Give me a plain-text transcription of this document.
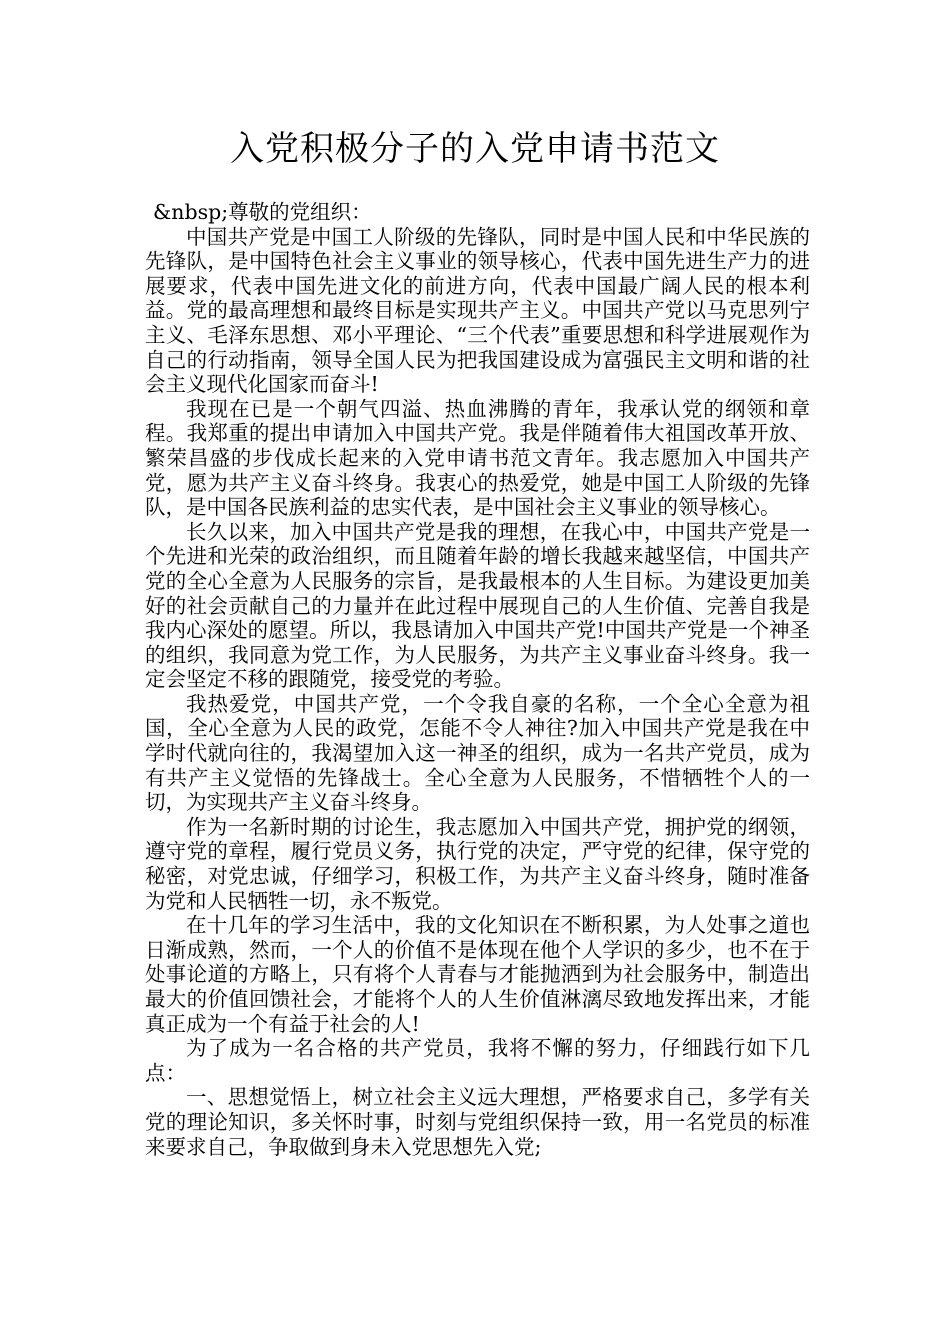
入党积极分子的入党申请书范文

&nbsp;尊敬的党组织：

中国共产党是中国工人阶级的先锋队，同时是中国人民和中华民族的先锋队，是中国特色社会主义事业的领导核心，代表中国先进生产力的进展要求，代表中国先进文化的前进方向，代表中国最广阔人民的根本利益。党的最高理想和最终目标是实现共产主义。中国共产党以马克思列宁主义、毛泽东思想、邓小平理论、“三个代表”重要思想和科学进展观作为自己的行动指南，领导全国人民为把我国建设成为富强民主文明和谐的社会主义现代化国家而奋斗!

我现在已是一个朝气四溢、热血沸腾的青年，我承认党的纲领和章程。我郑重的提出申请加入中国共产党。我是伴随着伟大祖国改革开放、繁荣昌盛的步伐成长起来的入党申请书范文青年。我志愿加入中国共产党，愿为共产主义奋斗终身。我衷心的热爱党，她是中国工人阶级的先锋队，是中国各民族利益的忠实代表，是中国社会主义事业的领导核心。

长久以来，加入中国共产党是我的理想，在我心中，中国共产党是一个先进和光荣的政治组织，而且随着年龄的增长我越来越坚信，中国共产党的全心全意为人民服务的宗旨，是我最根本的人生目标。为建设更加美好的社会贡献自己的力量并在此过程中展现自己的人生价值、完善自我是我内心深处的愿望。所以，我恳请加入中国共产党!中国共产党是一个神圣的组织，我同意为党工作，为人民服务，为共产主义事业奋斗终身。我一定会坚定不移的跟随党，接受党的考验。

我热爱党，中国共产党，一个令我自豪的名称，一个全心全意为祖国，全心全意为人民的政党，怎能不令人神往?加入中国共产党是我在中学时代就向往的，我渴望加入这一神圣的组织，成为一名共产党员，成为有共产主义觉悟的先锋战士。全心全意为人民服务，不惜牺牲个人的一切，为实现共产主义奋斗终身。

作为一名新时期的讨论生，我志愿加入中国共产党，拥护党的纲领，遵守党的章程，履行党员义务，执行党的决定，严守党的纪律，保守党的秘密，对党忠诚，仔细学习，积极工作，为共产主义奋斗终身，随时准备为党和人民牺牲一切，永不叛党。

在十几年的学习生活中，我的文化知识在不断积累，为人处事之道也日渐成熟，然而，一个人的价值不是体现在他个人学识的多少，也不在于处事论道的方略上，只有将个人青春与才能抛洒到为社会服务中，制造出最大的价值回馈社会，才能将个人的人生价值淋漓尽致地发挥出来，才能真正成为一个有益于社会的人!

为了成为一名合格的共产党员，我将不懈的努力，仔细践行如下几点：

一、思想觉悟上，树立社会主义远大理想，严格要求自己，多学有关党的理论知识，多关怀时事，时刻与党组织保持一致，用一名党员的标准来要求自己，争取做到身未入党思想先入党;
